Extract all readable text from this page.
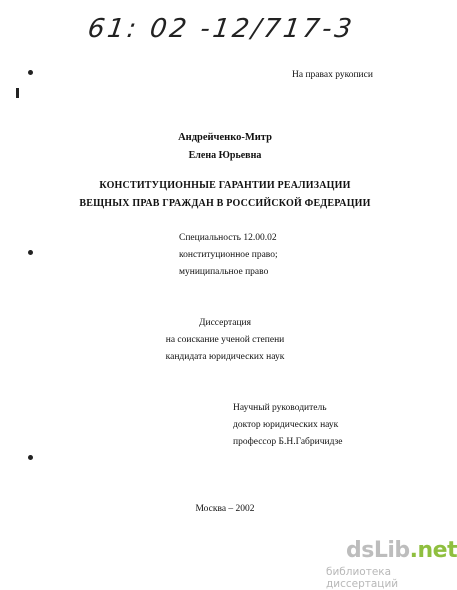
61: 02 -12/717-3
На правах рукописи
Андрейченко-Митр
Елена Юрьевна
КОНСТИТУЦИОННЫЕ ГАРАНТИИ РЕАЛИЗАЦИИ
ВЕЩНЫХ ПРАВ ГРАЖДАН В РОССИЙСКОЙ ФЕДЕРАЦИИ
Специальность 12.00.02
конституционное право;
муниципальное право
Диссертация
на соискание ученой степени
кандидата юридических наук
Научный руководитель
доктор юридических наук
профессор Б.Н.Габричидзе
Москва – 2002
dsLib.net
библиотека диссертаций
